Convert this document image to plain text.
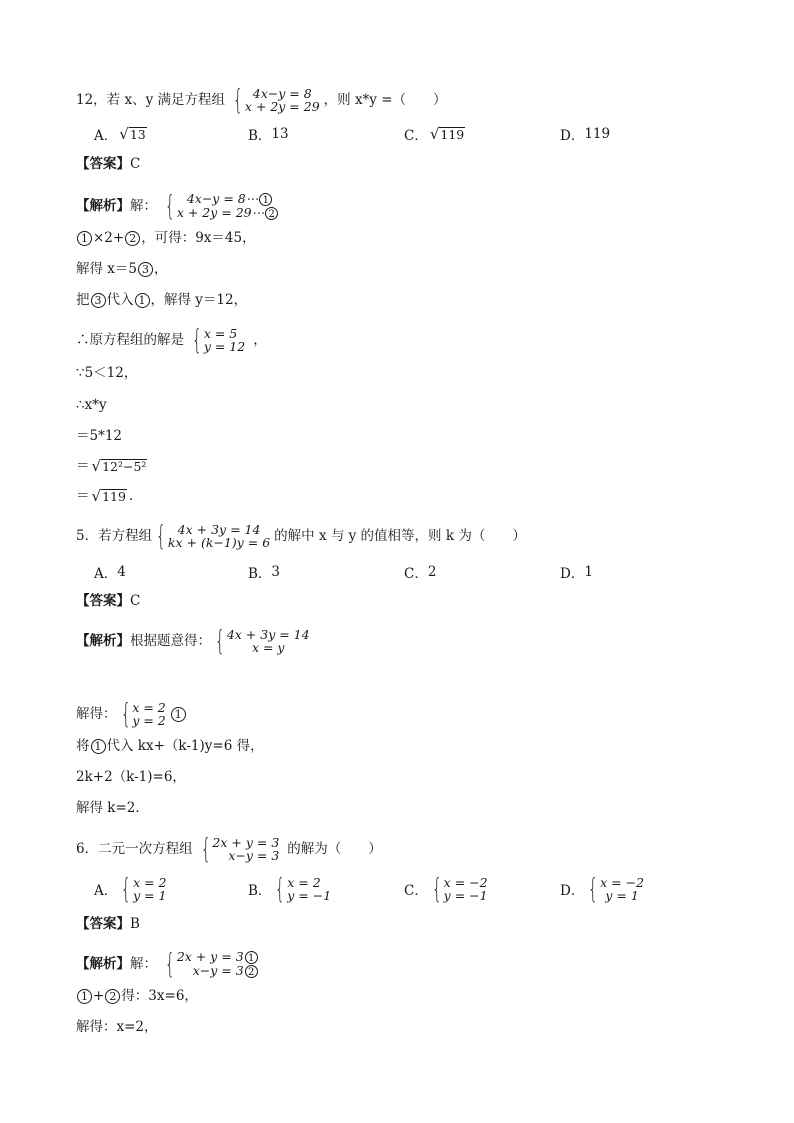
12，若 x、y 满足方程组 { 4x−y = 8
x + 2y = 29 ，则 x*y =（　　）
A． √ 13	B． 13	C． √ 119	D． 119
【答案】 C
【解析】 解： { 4x−y = 8⋯ 1
x + 2y = 29⋯ 2
1 ×2+ 2 ，可得：9x＝45，
解得 x＝5 3 ，
把 3 代入 1 ，解得 y＝12，
∴原方程组的解是 { x = 5
y = 12 ，
∵5＜12，
∴x*y
＝5*12
＝ √ 12²−5²
＝ √ 119 .
5．若方程组 { 4x + 3y = 14
kx + (k−1)y = 6 的解中 x 与 y 的值相等，则 k 为（　　）
A． 4	B． 3	C． 2	D． 1
【答案】 C
【解析】 根据题意得： { 4x + 3y = 14
x = y
解得： { x = 2
y = 2 1
将 1 代入 kx+（k-1)y=6 得，
2k+2（k-1)=6，
解得 k=2．
6．二元一次方程组 { 2x + y = 3
x−y = 3 的解为（　　）
A． { x = 2
y = 1	B． { x = 2
y = −1	C． { x = −2
y = −1	D． { x = −2
y = 1
【答案】 B
【解析】 解： { 2x + y = 3 1
x−y = 3 2
1 + 2 得：3x=6，
解得：x=2，
